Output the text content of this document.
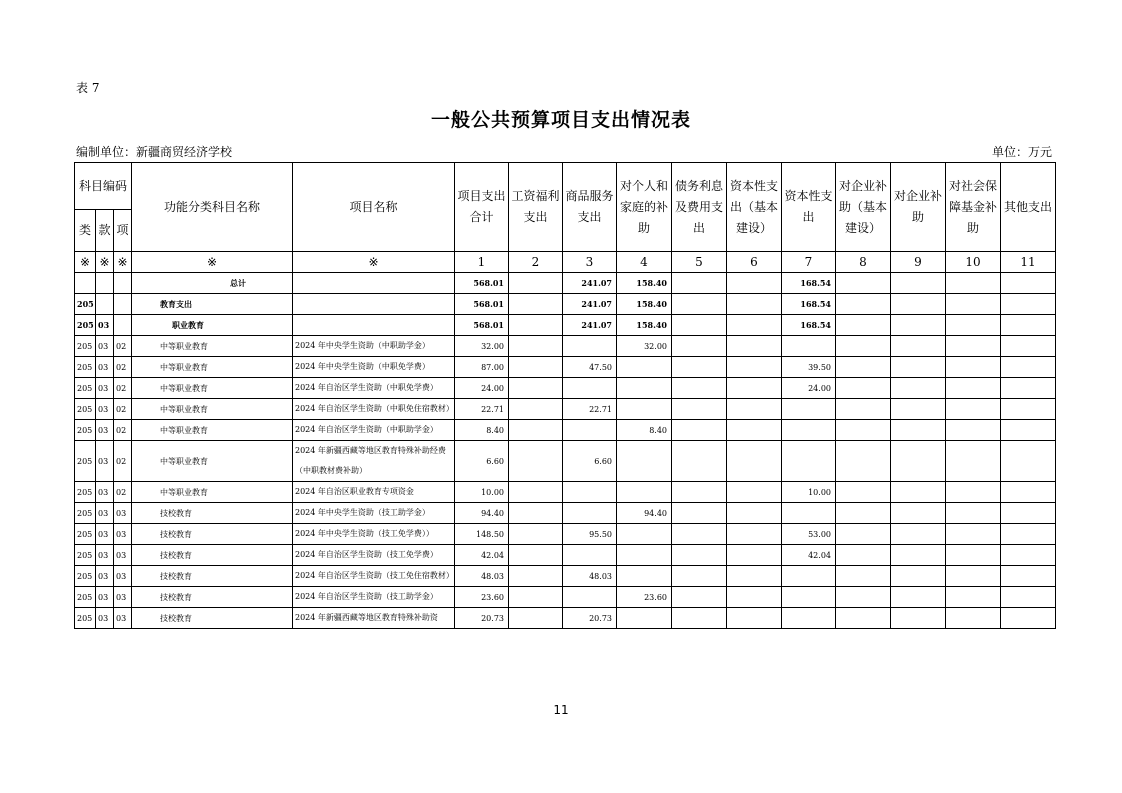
表 7
一般公共预算项目支出情况表
编制单位：新疆商贸经济学校	单位：万元
科目编码			功能分类科目名称	项目名称	项目支出合计	工资福利支出	商品服务支出	对个人和家庭的补助	债务利息及费用支出	资本性支出（基本建设）	资本性支出	对企业补助（基本建设）	对企业补助	对社会保障基金补助	其他支出
类	款	项													
※	※	※	※	※	1	2	3	4	5	6	7	8	9	10	11
			总计		568.01		241.07	158.40			168.54				
205			教育支出		568.01		241.07	158.40			168.54				
205	03		职业教育		568.01		241.07	158.40			168.54				
205	03	02	中等职业教育	2024 年中央学生资助（中职助学金）	32.00			32.00							
205	03	02	中等职业教育	2024 年中央学生资助（中职免学费）	87.00		47.50				39.50				
205	03	02	中等职业教育	2024 年自治区学生资助（中职免学费）	24.00						24.00				
205	03	02	中等职业教育	2024 年自治区学生资助（中职免住宿教材）	22.71		22.71								
205	03	02	中等职业教育	2024 年自治区学生资助（中职助学金）	8.40			8.40							
205	03	02	中等职业教育	2024 年新疆西藏等地区教育特殊补助经费（中职教材费补助）	6.60		6.60								
205	03	02	中等职业教育	2024 年自治区职业教育专项资金	10.00						10.00				
205	03	03	技校教育	2024 年中央学生资助（技工助学金）	94.40			94.40							
205	03	03	技校教育	2024 年中央学生资助（技工免学费））	148.50		95.50				53.00				
205	03	03	技校教育	2024 年自治区学生资助（技工免学费）	42.04						42.04				
205	03	03	技校教育	2024 年自治区学生资助（技工免住宿教材）	48.03		48.03								
205	03	03	技校教育	2024 年自治区学生资助（技工助学金）	23.60			23.60							
205	03	03	技校教育	2024 年新疆西藏等地区教育特殊补助资	20.73		20.73								
11
